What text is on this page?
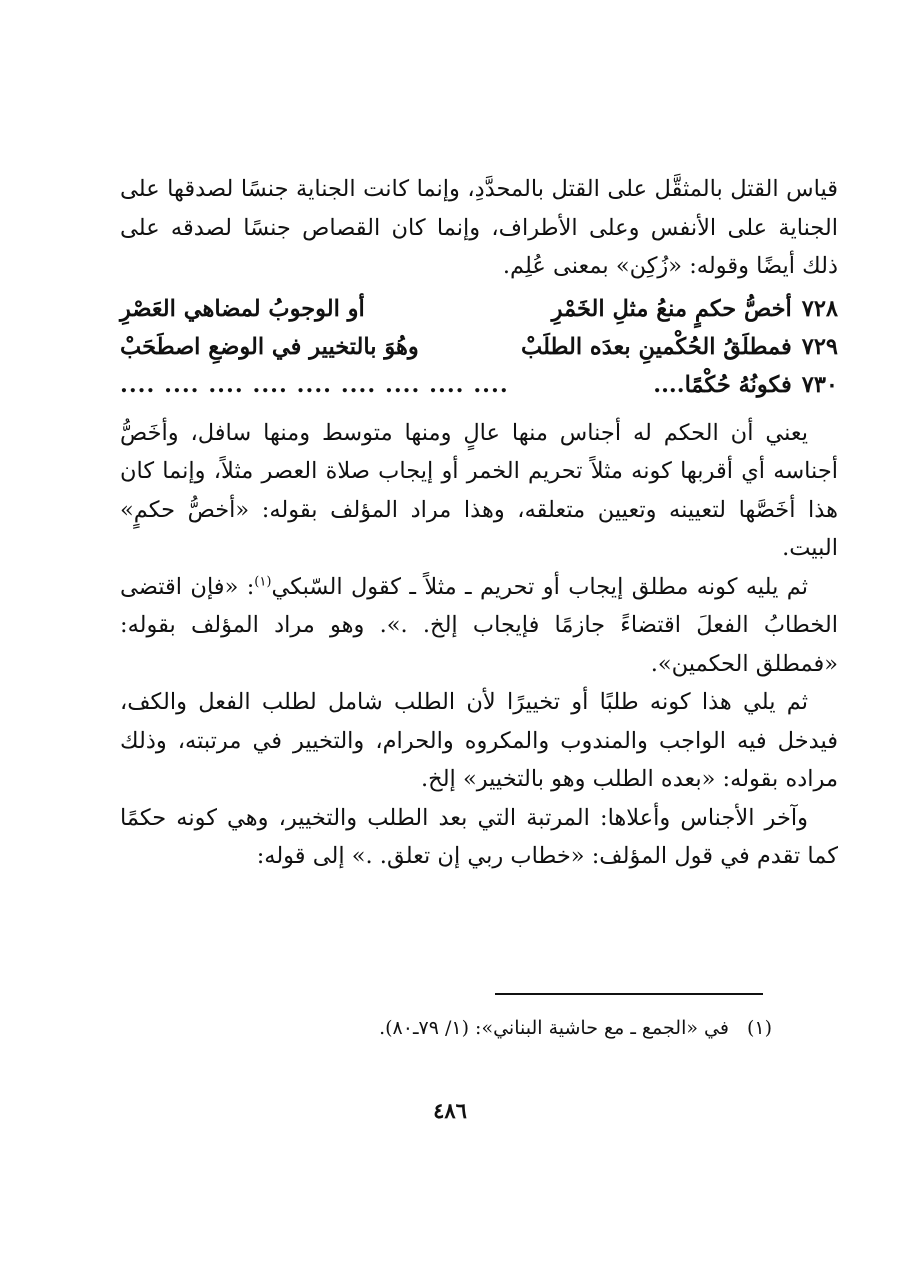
قياس القتل بالمثقَّل على القتل بالمحدَّدِ، وإنما كانت الجناية جنسًا لصدقها على الجناية على الأنفس وعلى الأطراف، وإنما كان القصاص جنسًا لصدقه على ذلك أيضًا وقوله: «زُكِن» بمعنى عُلِم.

٧٢٨
أخصُّ حكمٍ منعُ مثلِ الخَمْرِ
أو الوجوبُ لمضاهي العَصْرِ
٧٢٩
فمطلَقُ الحُكْمينِ بعدَه الطلَبْ
وهُوَ بالتخيير في الوضعِ اصطَحَبْ
٧٣٠
فكونُهُ حُكْمًا....
.... .... .... .... .... .... .... .... ....

يعني أن الحكم له أجناس منها عالٍ ومنها متوسط ومنها سافل، وأخَصُّ أجناسه أي أقربها كونه مثلاً تحريم الخمر أو إيجاب صلاة العصر مثلاً، وإنما كان هذا أخَصَّها لتعيينه وتعيين متعلقه، وهذا مراد المؤلف بقوله: «أخصُّ حكمٍ» البيت.

ثم يليه كونه مطلق إيجاب أو تحريم ـ مثلاً ـ كقول السّبكي$^{(١)}$: «فإن اقتضى الخطابُ الفعلَ اقتضاءً جازمًا فإيجاب إلخ. .». وهو مراد المؤلف بقوله: «فمطلق الحكمين».

ثم يلي هذا كونه طلبًا أو تخييرًا لأن الطلب شامل لطلب الفعل والكف، فيدخل فيه الواجب والمندوب والمكروه والحرام، والتخيير في مرتبته، وذلك مراده بقوله: «بعده الطلب وهو بالتخيير» إلخ.

وآخر الأجناس وأعلاها: المرتبة التي بعد الطلب والتخيير، وهي كونه حكمًا كما تقدم في قول المؤلف: «خطاب ربي إن تعلق. .» إلى قوله:

(١)في «الجمع ـ مع حاشية البناني»: (١/ ٧٩ـ٨٠).
٤٨٦
